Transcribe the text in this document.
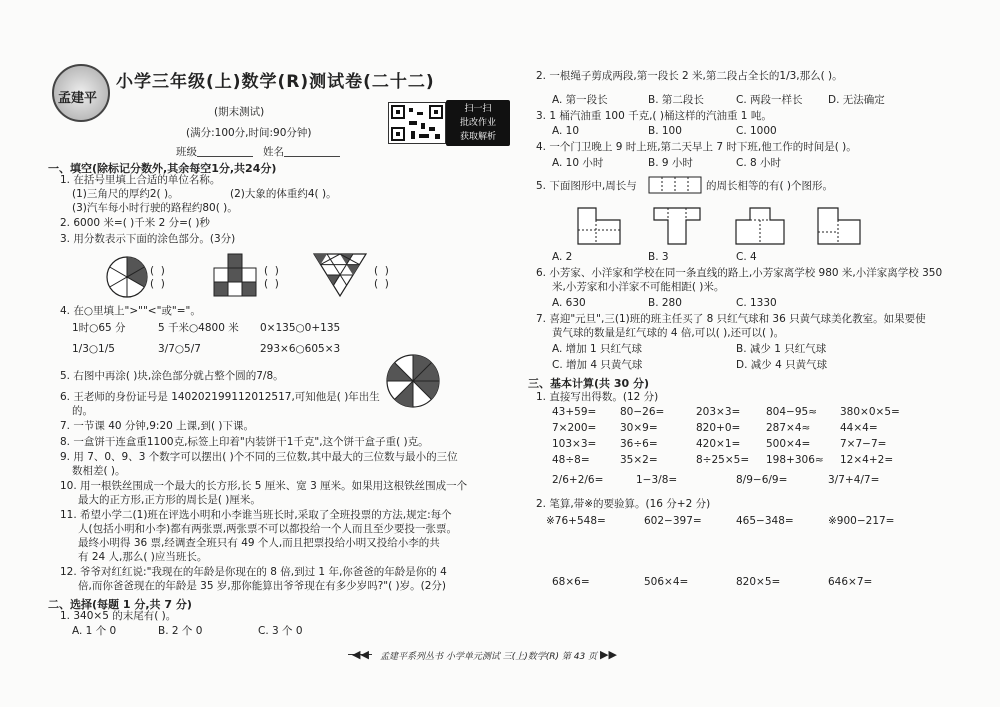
孟建平
小学三年级(上)数学(R)测试卷(二十二)
(期末测试)
(满分:100分,时间:90分钟)
班级	姓名
扫一扫
批改作业
获取解析
一、填空(除标记分数外,其余每空1分,共24分)
1. 在括号里填上合适的单位名称。
(1)三角尺的厚约2( )。	(2)大象的体重约4( )。
(3)汽车每小时行驶的路程约80( )。
2. 6000 米=( )千米 2 分=( )秒
3. 用分数表示下面的涂色部分。(3分)
(  )
(  )
(  )
(  )
(  )
(  )
4. 在○里填上">""<"或"="。
1时○65 分	5 千米○4800 米 0×135○0+135
1/3○1/5	3/7○5/7	293×6○605×3
5. 右图中再涂( )块,涂色部分就占整个圆的7/8。
6. 王老师的身份证号是 140202199112012517,可知他是( )年出生
的。
7. 一节课 40 分钟,9:20 上课,到( )下课。
8. 一盒饼干连盒重1100克,标签上印着"内装饼干1千克",这个饼干盒子重( )克。
9. 用 7、0、9、3 个数字可以摆出( )个不同的三位数,其中最大的三位数与最小的三位
数相差( )。
10. 用一根铁丝围成一个最大的长方形,长 5 厘米、宽 3 厘米。如果用这根铁丝围成一个
最大的正方形,正方形的周长是( )厘米。
11. 希望小学二(1)班在评选小明和小李谁当班长时,采取了全班投票的方法,规定:每个
人(包括小明和小李)都有两张票,两张票不可以都投给一个人而且至少要投一张票。
最终小明得 36 票,经调查全班只有 49 个人,而且把票投给小明又投给小李的共
有 24 人,那么( )应当班长。
12. 爷爷对红红说:"我现在的年龄是你现在的 8 倍,到过 1 年,你爸爸的年龄是你的 4
倍,而你爸爸现在的年龄是 35 岁,那你能算出爷爷现在有多少岁吗?"( )岁。(2分)
二、选择(每题 1 分,共 7 分)
1. 340×5 的末尾有( )。
A. 1 个 0	B. 2 个 0	C. 3 个 0
2. 一根绳子剪成两段,第一段长 2 米,第二段占全长的1/3,那么( )。
A. 第一段长	B. 第二段长	C. 两段一样长 D. 无法确定
3. 1 桶汽油重 100 千克,( )桶这样的汽油重 1 吨。
A. 10	B. 100	C. 1000
4. 一个门卫晚上 9 时上班,第二天早上 7 时下班,他工作的时间是( )。
A. 10 小时	B. 9 小时	C. 8 小时
5. 下面图形中,周长与	的周长相等的有( )个图形。
A. 2	B. 3	C. 4
6. 小芳家、小洋家和学校在同一条直线的路上,小芳家离学校 980 米,小洋家离学校 350
米,小芳家和小洋家不可能相距( )米。
A. 630	B. 280	C. 1330
7. 喜迎"元旦",三(1)班的班主任买了 8 只红气球和 36 只黄气球美化教室。如果要使
黄气球的数量是红气球的 4 倍,可以( ),还可以( )。
A. 增加 1 只红气球	B. 减少 1 只红气球
C. 增加 4 只黄气球	D. 减少 4 只黄气球
三、基本计算(共 30 分)
1. 直接写出得数。(12 分)
43+59= 80−26=	203×3= 804−95≈ 380×0×5=
7×200= 30×9=	820+0= 287×4≈	44×4=
103×3= 36÷6=	420×1= 500×4=	7×7−7=
48÷8=	35×2=	8÷25×5= 198+306≈ 12×4+2=
2/6+2/6=	1−3/8=	8/9−6/9=	3/7+4/7=
2. 笔算,带※的要验算。(16 分+2 分)
※76+548=	602−397=	465−348=	※900−217=
68×6=	506×4=	820×5=	646×7=
◀◀ 孟建平系列丛书 小学单元测试 三(上)数学(R) 第 43 页 ▶▶
